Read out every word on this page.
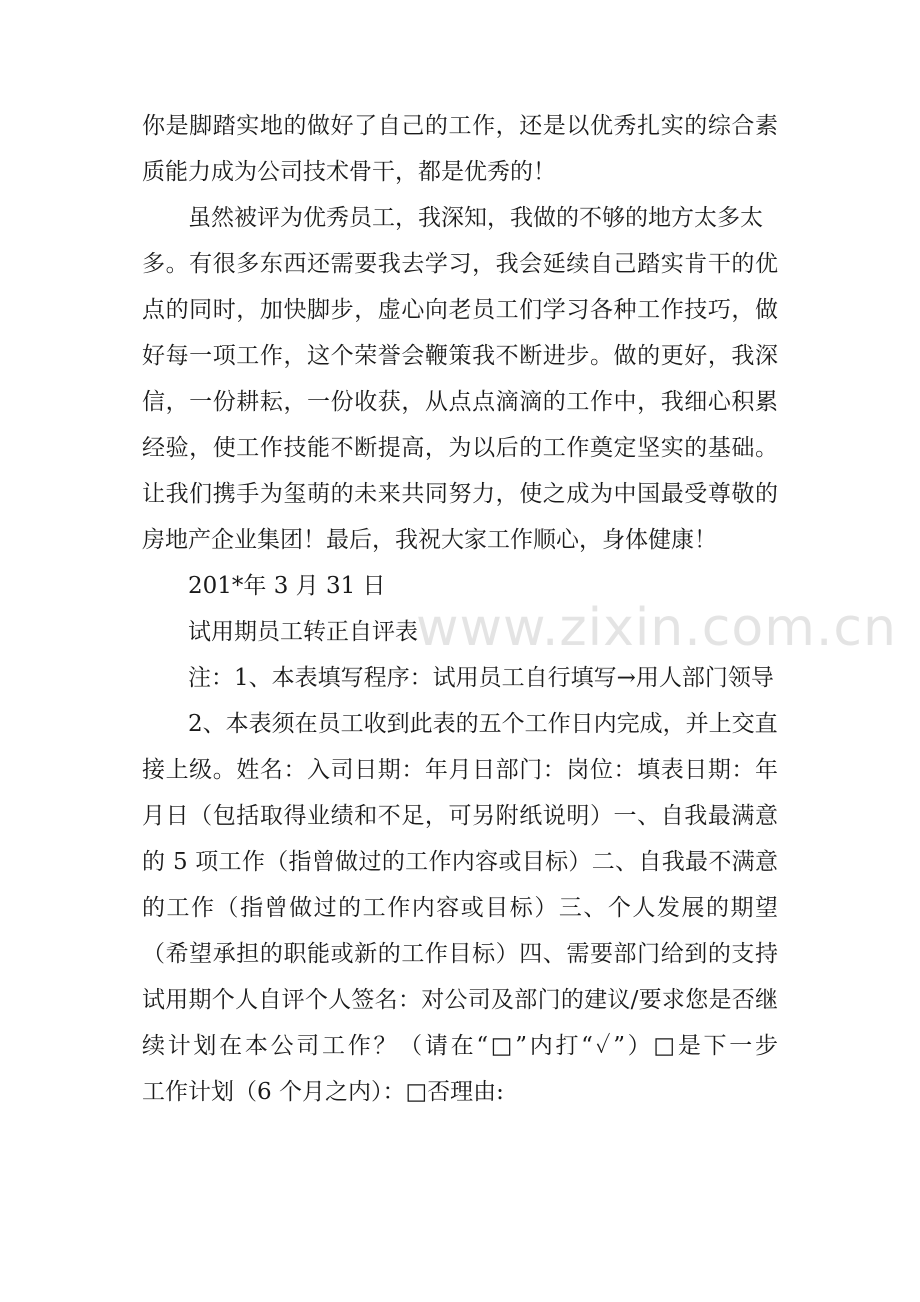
www.zixin.com.cn
你是脚踏实地的做好了自己的工作，还是以优秀扎实的综合素
质能力成为公司技术骨干，都是优秀的！
虽然被评为优秀员工，我深知，我做的不够的地方太多太
多。有很多东西还需要我去学习，我会延续自己踏实肯干的优
点的同时，加快脚步，虚心向老员工们学习各种工作技巧，做
好每一项工作，这个荣誉会鞭策我不断进步。做的更好，我深
信，一份耕耘，一份收获，从点点滴滴的工作中，我细心积累
经验，使工作技能不断提高，为以后的工作奠定坚实的基础。
让我们携手为玺萌的未来共同努力，使之成为中国最受尊敬的
房地产企业集团！最后，我祝大家工作顺心，身体健康！
201*年 3 月 31 日
试用期员工转正自评表
注：1、本表填写程序：试用员工自行填写→用人部门领导
2、本表须在员工收到此表的五个工作日内完成，并上交直
接上级。姓名：入司日期：年月日部门：岗位：填表日期：年
月日（包括取得业绩和不足，可另附纸说明）一、自我最满意
的 5 项工作（指曾做过的工作内容或目标）二、自我最不满意
的工作（指曾做过的工作内容或目标）三、个人发展的期望
（希望承担的职能或新的工作目标）四、需要部门给到的支持
试用期个人自评个人签名：对公司及部门的建议/要求您是否继
续计划在本公司工作？（请在“□”内打“✓”）□是下一步
工作计划（6 个月之内）：□否理由:
